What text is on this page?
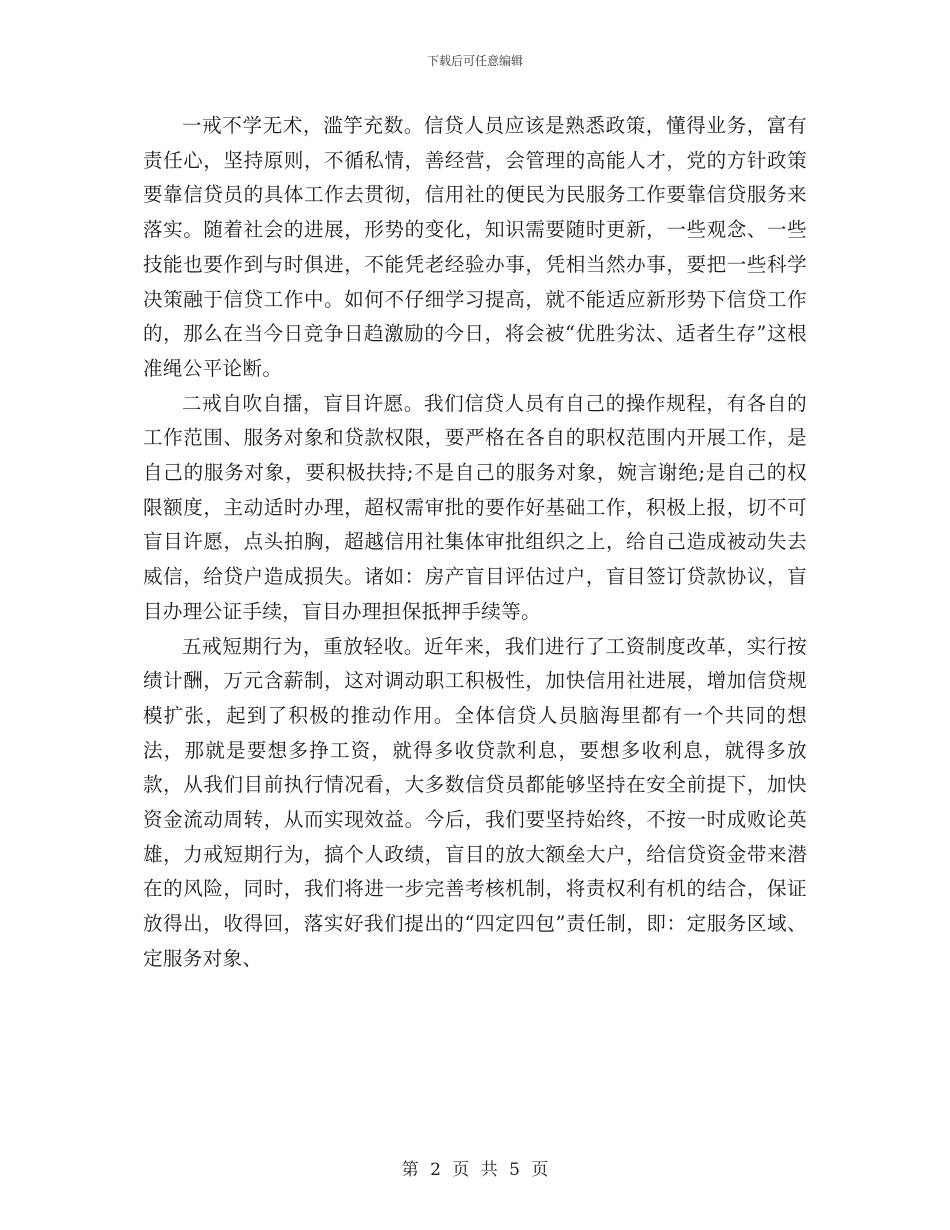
下载后可任意编辑

一戒不学无术，滥竽充数。信贷人员应该是熟悉政策，懂得业务，富有责任心，坚持原则，不循私情，善经营，会管理的高能人才，党的方针政策要靠信贷员的具体工作去贯彻，信用社的便民为民服务工作要靠信贷服务来落实。随着社会的进展，形势的变化，知识需要随时更新，一些观念、一些技能也要作到与时俱进，不能凭老经验办事，凭相当然办事，要把一些科学决策融于信贷工作中。如何不仔细学习提高，就不能适应新形势下信贷工作的，那么在当今日竞争日趋激励的今日，将会被“优胜劣汰、适者生存”这根准绳公平论断。

二戒自吹自擂，盲目许愿。我们信贷人员有自己的操作规程，有各自的工作范围、服务对象和贷款权限，要严格在各自的职权范围内开展工作，是自己的服务对象，要积极扶持;不是自己的服务对象，婉言谢绝;是自己的权限额度，主动适时办理，超权需审批的要作好基础工作，积极上报，切不可盲目许愿，点头拍胸，超越信用社集体审批组织之上，给自己造成被动失去威信，给贷户造成损失。诸如：房产盲目评估过户，盲目签订贷款协议，盲目办理公证手续，盲目办理担保抵押手续等。

五戒短期行为，重放轻收。近年来，我们进行了工资制度改革，实行按绩计酬，万元含薪制，这对调动职工积极性，加快信用社进展，增加信贷规模扩张，起到了积极的推动作用。全体信贷人员脑海里都有一个共同的想法，那就是要想多挣工资，就得多收贷款利息，要想多收利息，就得多放款，从我们目前执行情况看，大多数信贷员都能够坚持在安全前提下，加快资金流动周转，从而实现效益。今后，我们要坚持始终，不按一时成败论英雄，力戒短期行为，搞个人政绩，盲目的放大额垒大户，给信贷资金带来潜在的风险，同时，我们将进一步完善考核机制，将责权利有机的结合，保证放得出，收得回，落实好我们提出的“四定四包”责任制，即：定服务区域、定服务对象、

第 2 页 共 5 页
